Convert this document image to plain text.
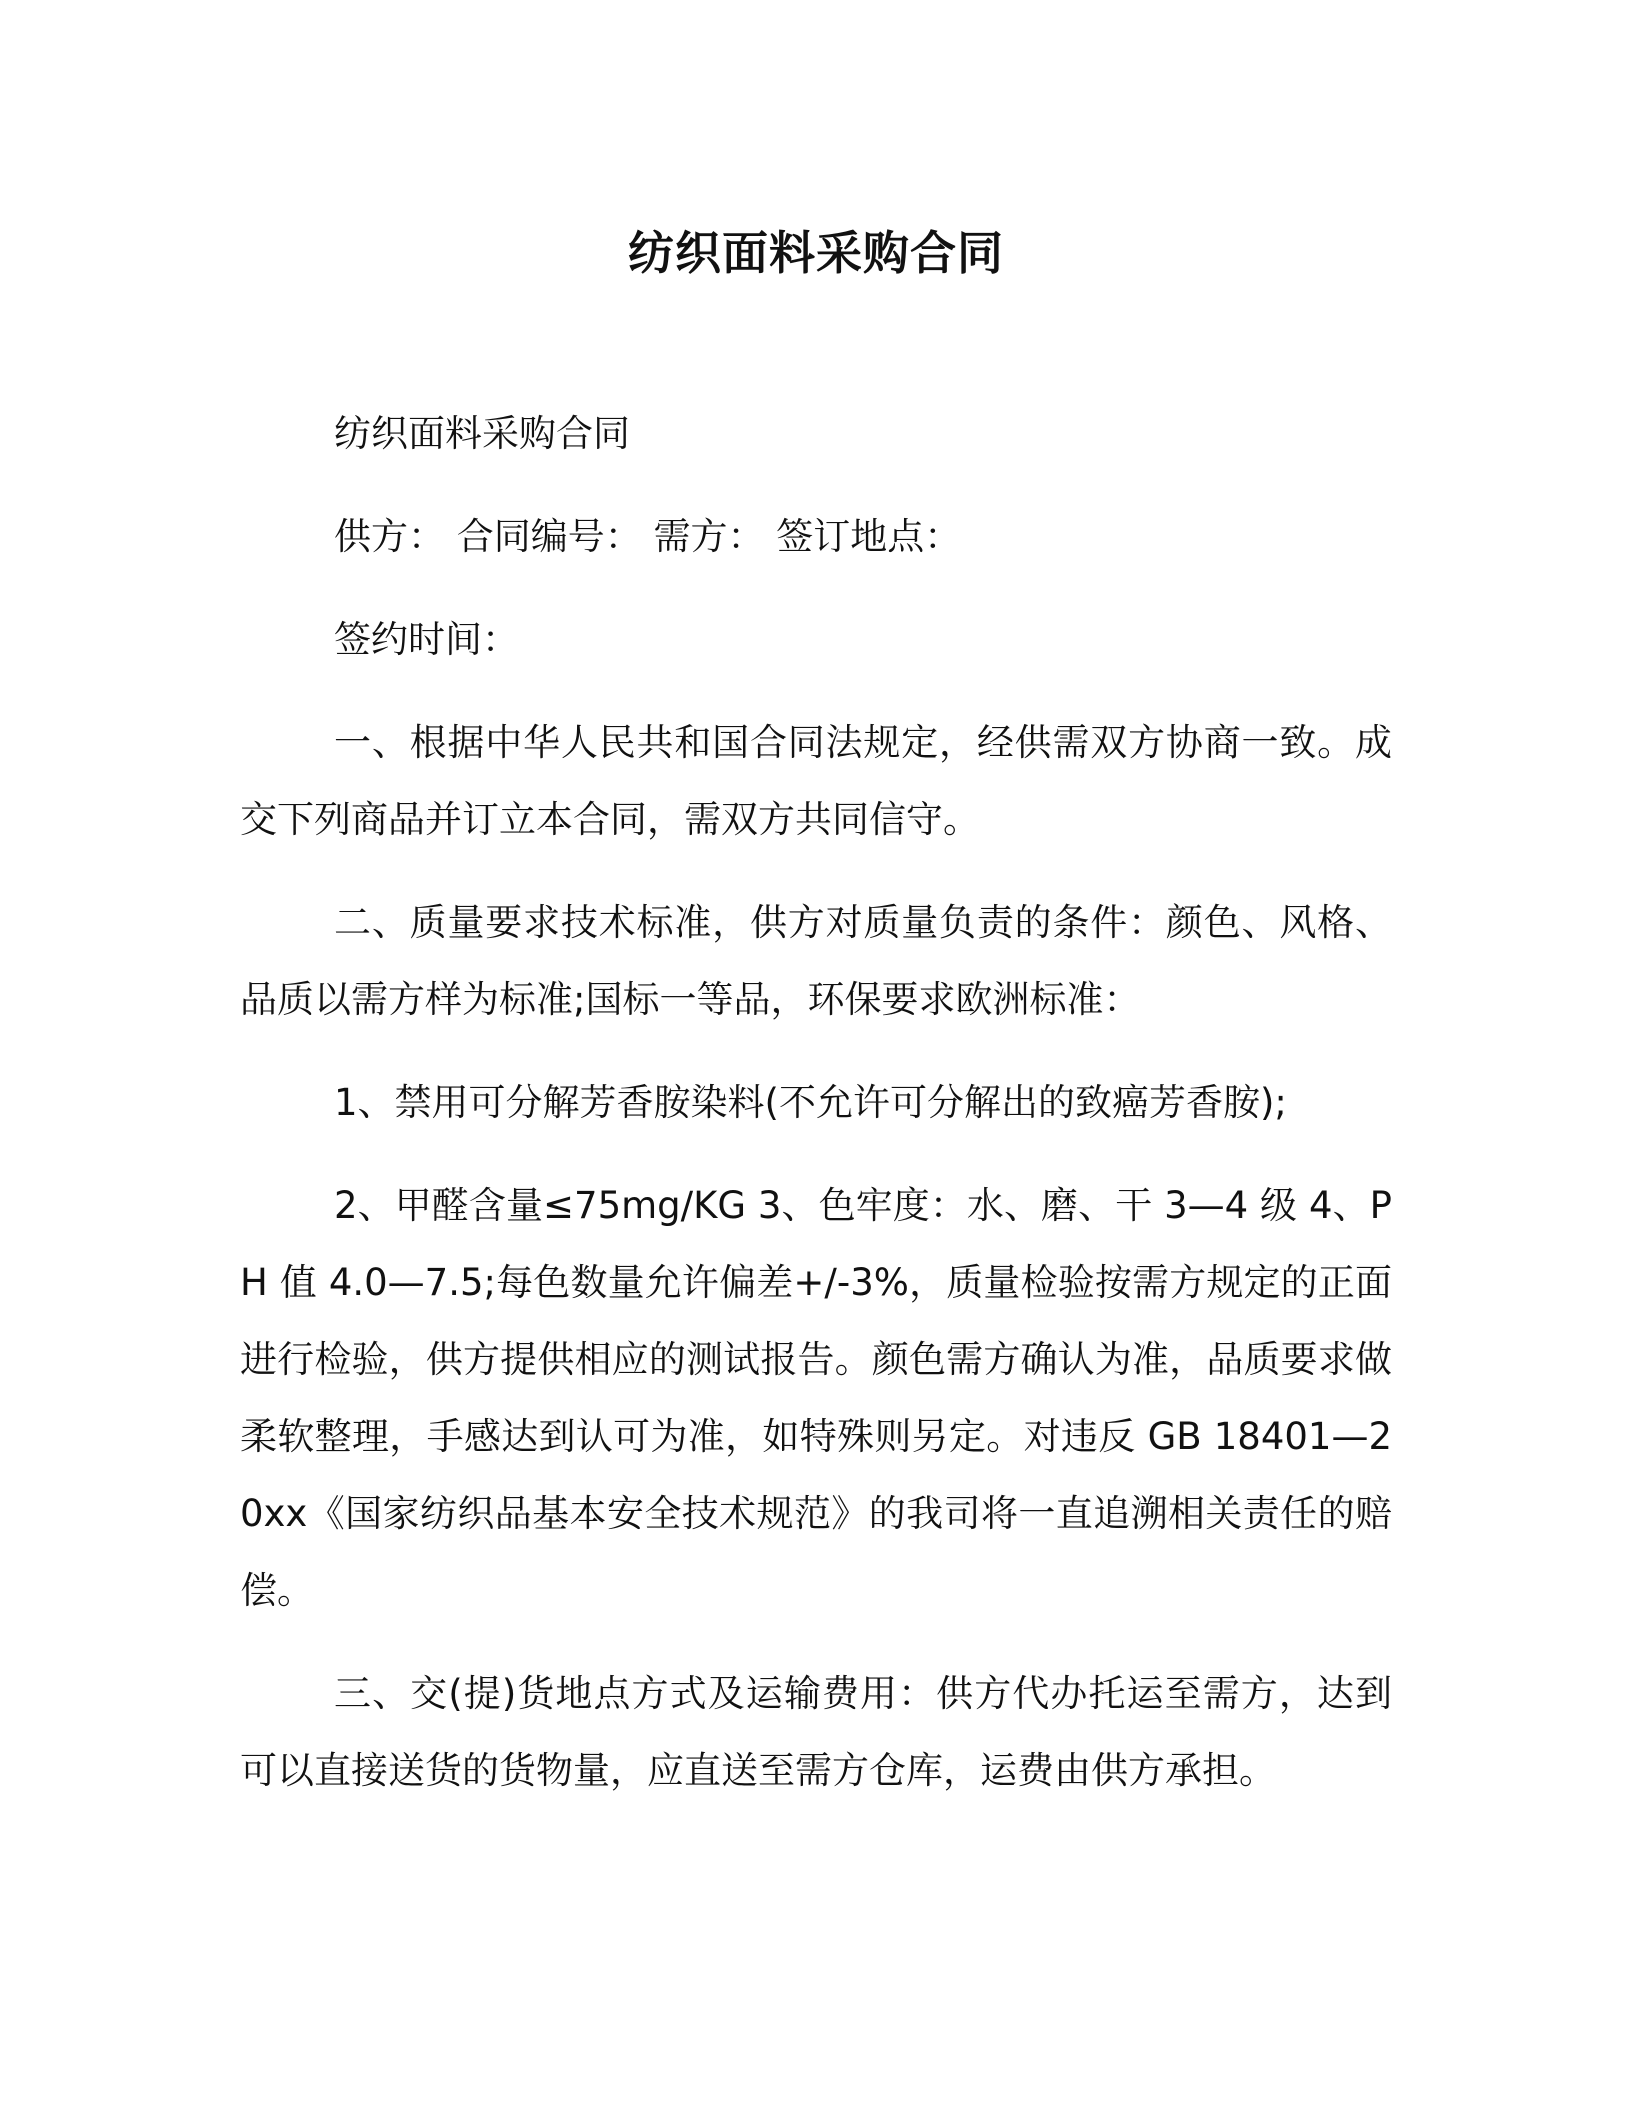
纺织面料采购合同

纺织面料采购合同

供方： 合同编号： 需方： 签订地点：

签约时间：

一、根据中华人民共和国合同法规定，经供需双方协商一致。成交下列商品并订立本合同，需双方共同信守。

二、质量要求技术标准，供方对质量负责的条件：颜色、风格、品质以需方样为标准;国标一等品，环保要求欧洲标准：

1、禁用可分解芳香胺染料(不允许可分解出的致癌芳香胺);

2、甲醛含量≤75mg/KG 3、色牢度：水、磨、干 3—4 级 4、PH 值 4.0—7.5;每色数量允许偏差+/-3%，质量检验按需方规定的正面进行检验，供方提供相应的测试报告。颜色需方确认为准，品质要求做柔软整理，手感达到认可为准，如特殊则另定。对违反 GB 18401—20xx《国家纺织品基本安全技术规范》的我司将一直追溯相关责任的赔偿。

三、交(提)货地点方式及运输费用：供方代办托运至需方，达到可以直接送货的货物量，应直送至需方仓库，运费由供方承担。
